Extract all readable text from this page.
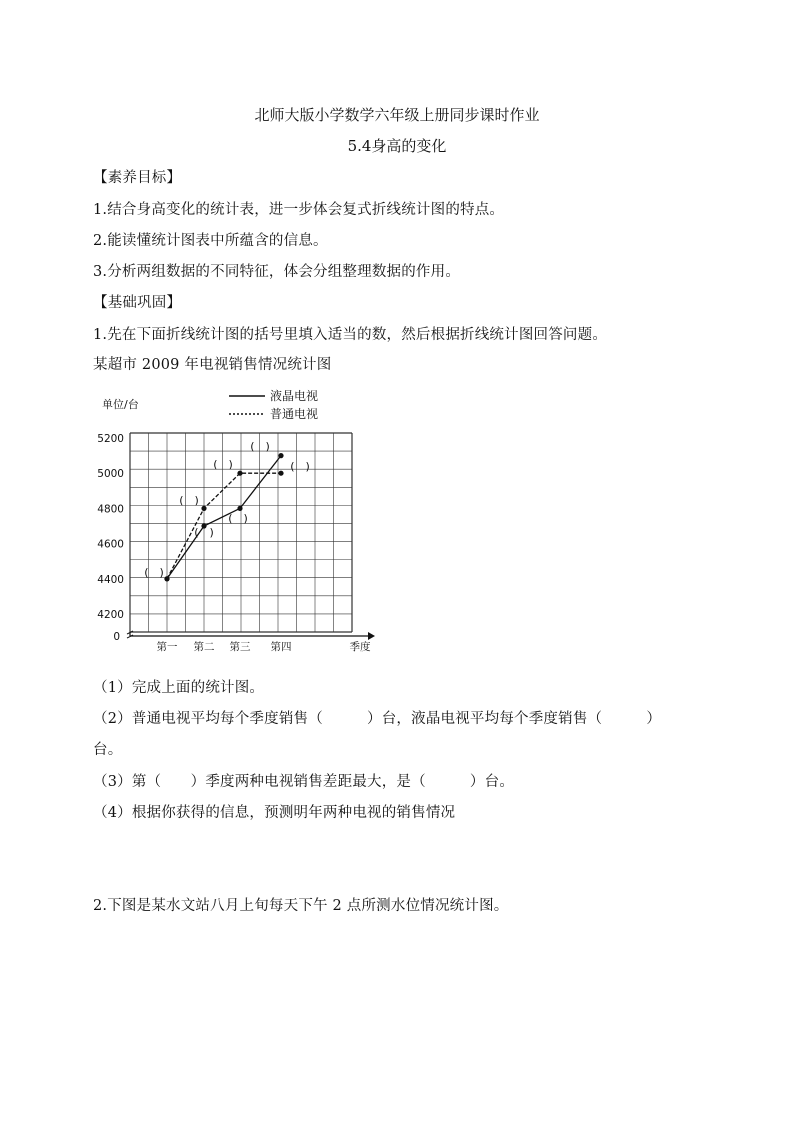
北师大版小学数学六年级上册同步课时作业
5.4身高的变化
【素养目标】
1.结合身高变化的统计表，进一步体会复式折线统计图的特点。
2.能读懂统计图表中所蕴含的信息。
3.分析两组数据的不同特征，体会分组整理数据的作用。
【基础巩固】
1.先在下面折线统计图的括号里填入适当的数，然后根据折线统计图回答问题。
某超市 2009 年电视销售情况统计图
单位/台
5200
5000
4800
4600
4400
4200
0
第一 第二 第三 第四	季度
液晶电视
普通电视
(　)
(　)
(　)
(　)
(　)
(　)
(　)
（1）完成上面的统计图。
（2）普通电视平均每个季度销售（　　　）台，液晶电视平均每个季度销售（　　　）
台。
（3）第（　　）季度两种电视销售差距最大，是（　　　）台。
（4）根据你获得的信息，预测明年两种电视的销售情况
2.下图是某水文站八月上旬每天下午 2 点所测水位情况统计图。
